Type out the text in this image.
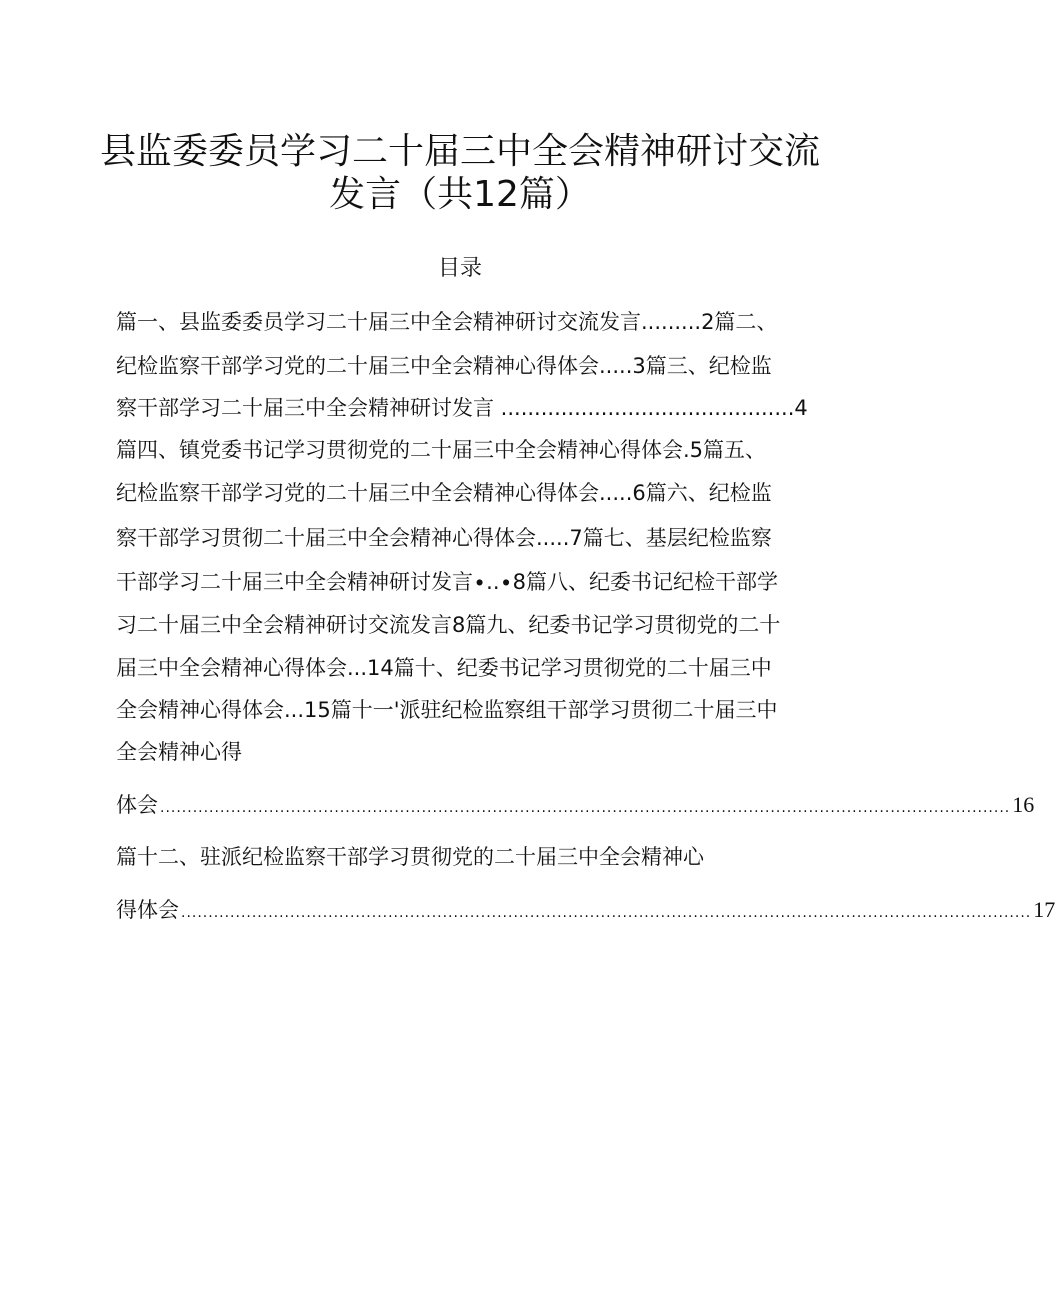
县监委委员学习二十届三中全会精神研讨交流
发言（共12篇）
目录
篇一、县监委委员学习二十届三中全会精神研讨交流发言.........2篇二、
纪检监察干部学习党的二十届三中全会精神心得体会.....3篇三、纪检监
察干部学习二十届三中全会精神研讨发言 ............................................4
篇四、镇党委书记学习贯彻党的二十届三中全会精神心得体会.5篇五、
纪检监察干部学习党的二十届三中全会精神心得体会.....6篇六、纪检监
察干部学习贯彻二十届三中全会精神心得体会.....7篇七、基层纪检监察
干部学习二十届三中全会精神研讨发言∙..∙8篇八、纪委书记纪检干部学
习二十届三中全会精神研讨交流发言8篇九、纪委书记学习贯彻党的二十
届三中全会精神心得体会...14篇十、纪委书记学习贯彻党的二十届三中
全会精神心得体会...15篇十一'派驻纪检监察组干部学习贯彻二十届三中
全会精神心得
体会 ............................................................................................................................................................ 16
篇十二、驻派纪检监察干部学习贯彻党的二十届三中全会精神心
得体会 ............................................................................................................................................................ 17
